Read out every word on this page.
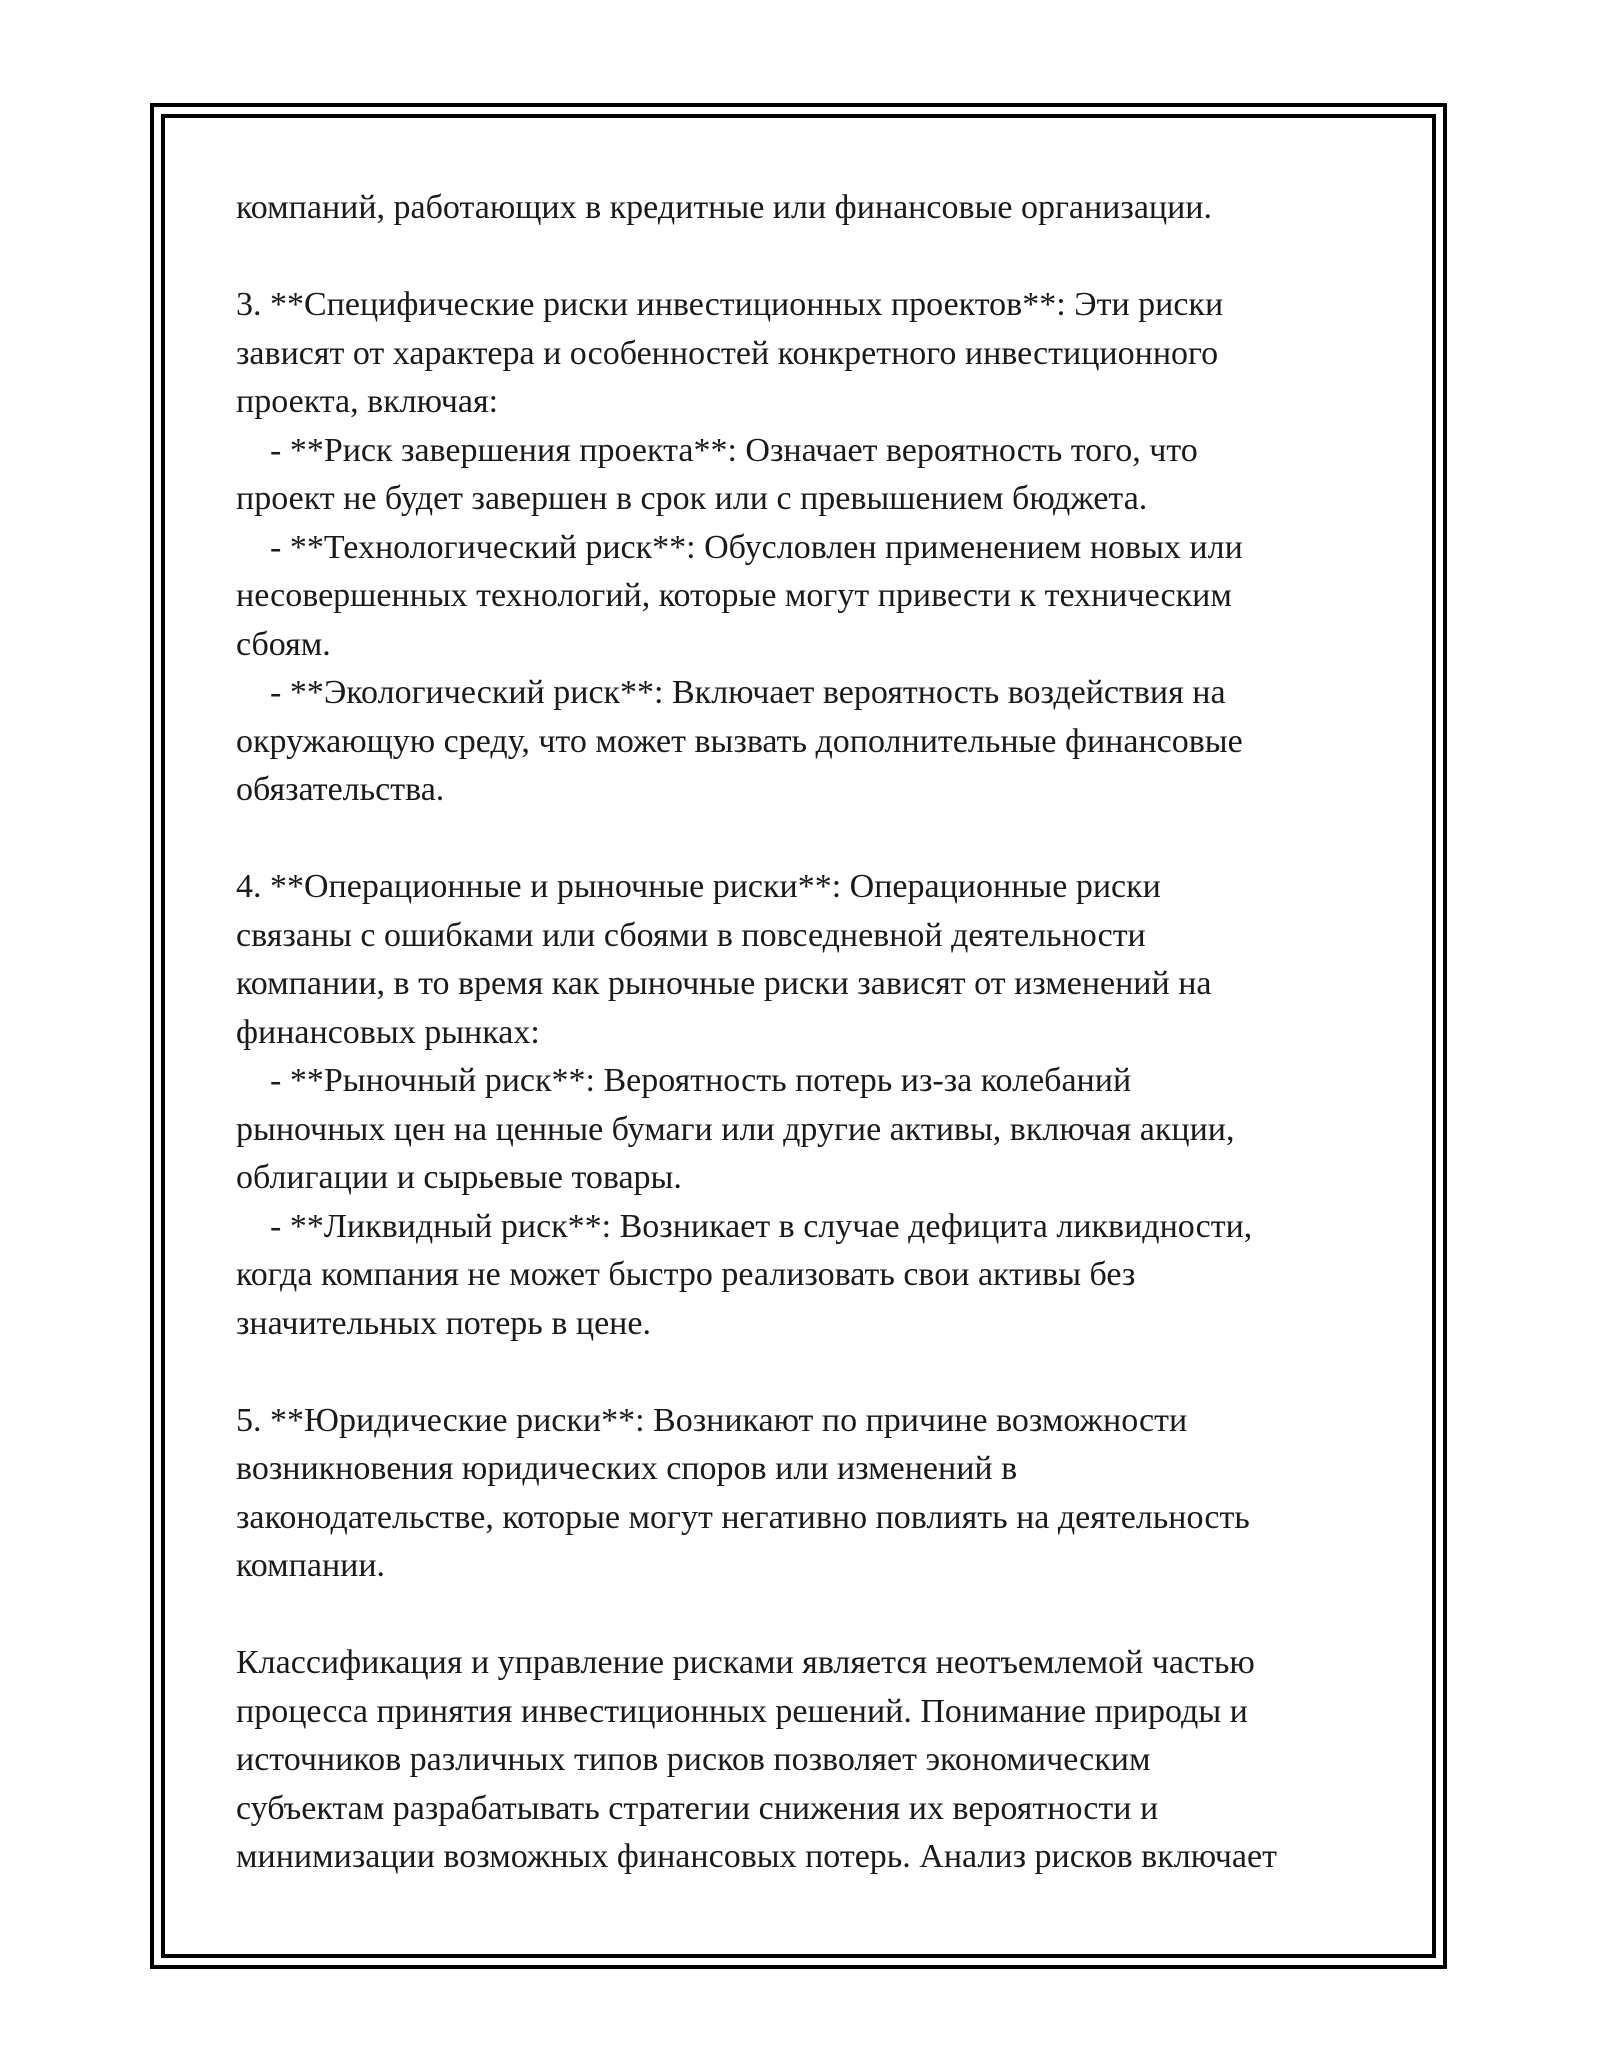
компаний, работающих в кредитные или финансовые организации.
3. **Специфические риски инвестиционных проектов**: Эти риски
зависят от характера и особенностей конкретного инвестиционного
проекта, включая:
- **Риск завершения проекта**: Означает вероятность того, что
проект не будет завершен в срок или с превышением бюджета.
- **Технологический риск**: Обусловлен применением новых или
несовершенных технологий, которые могут привести к техническим
сбоям.
- **Экологический риск**: Включает вероятность воздействия на
окружающую среду, что может вызвать дополнительные финансовые
обязательства.
4. **Операционные и рыночные риски**: Операционные риски
связаны с ошибками или сбоями в повседневной деятельности
компании, в то время как рыночные риски зависят от изменений на
финансовых рынках:
- **Рыночный риск**: Вероятность потерь из-за колебаний
рыночных цен на ценные бумаги или другие активы, включая акции,
облигации и сырьевые товары.
- **Ликвидный риск**: Возникает в случае дефицита ликвидности,
когда компания не может быстро реализовать свои активы без
значительных потерь в цене.
5. **Юридические риски**: Возникают по причине возможности
возникновения юридических споров или изменений в
законодательстве, которые могут негативно повлиять на деятельность
компании.
Классификация и управление рисками является неотъемлемой частью
процесса принятия инвестиционных решений. Понимание природы и
источников различных типов рисков позволяет экономическим
субъектам разрабатывать стратегии снижения их вероятности и
минимизации возможных финансовых потерь. Анализ рисков включает
